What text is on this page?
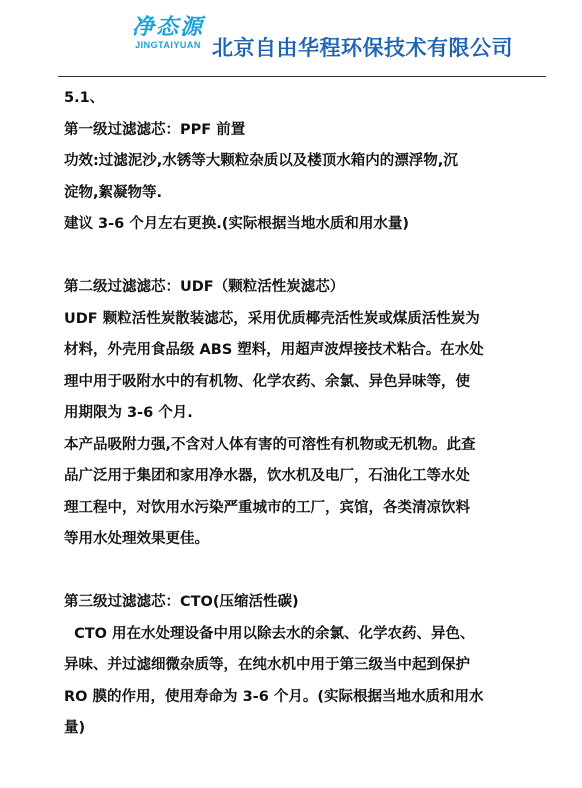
净态源
JINGTAIYUAN 北京自由华程环保技术有限公司

5.1、

第一级过滤滤芯：PPF 前置

功效:过滤泥沙,水锈等大颗粒杂质以及楼顶水箱内的漂浮物,沉

淀物,絮凝物等.

建议 3-6 个月左右更换.(实际根据当地水质和用水量)

第二级过滤滤芯：UDF（颗粒活性炭滤芯）

UDF 颗粒活性炭散装滤芯，采用优质椰壳活性炭或煤质活性炭为

材料，外壳用食品级 ABS 塑料，用超声波焊接技术粘合。在水处

理中用于吸附水中的有机物、化学农药、余氯、异色异味等，使

用期限为 3-6 个月.

本产品吸附力强,不含对人体有害的可溶性有机物或无机物。此查

品广泛用于集团和家用净水器，饮水机及电厂，石油化工等水处

理工程中，对饮用水污染严重城市的工厂，宾馆，各类清凉饮料

等用水处理效果更佳。

第三级过滤滤芯：CTO(压缩活性碳)

CTO 用在水处理设备中用以除去水的余氯、化学农药、异色、

异味、并过滤细微杂质等，在纯水机中用于第三级当中起到保护

RO 膜的作用，使用寿命为 3-6 个月。(实际根据当地水质和用水

量)
